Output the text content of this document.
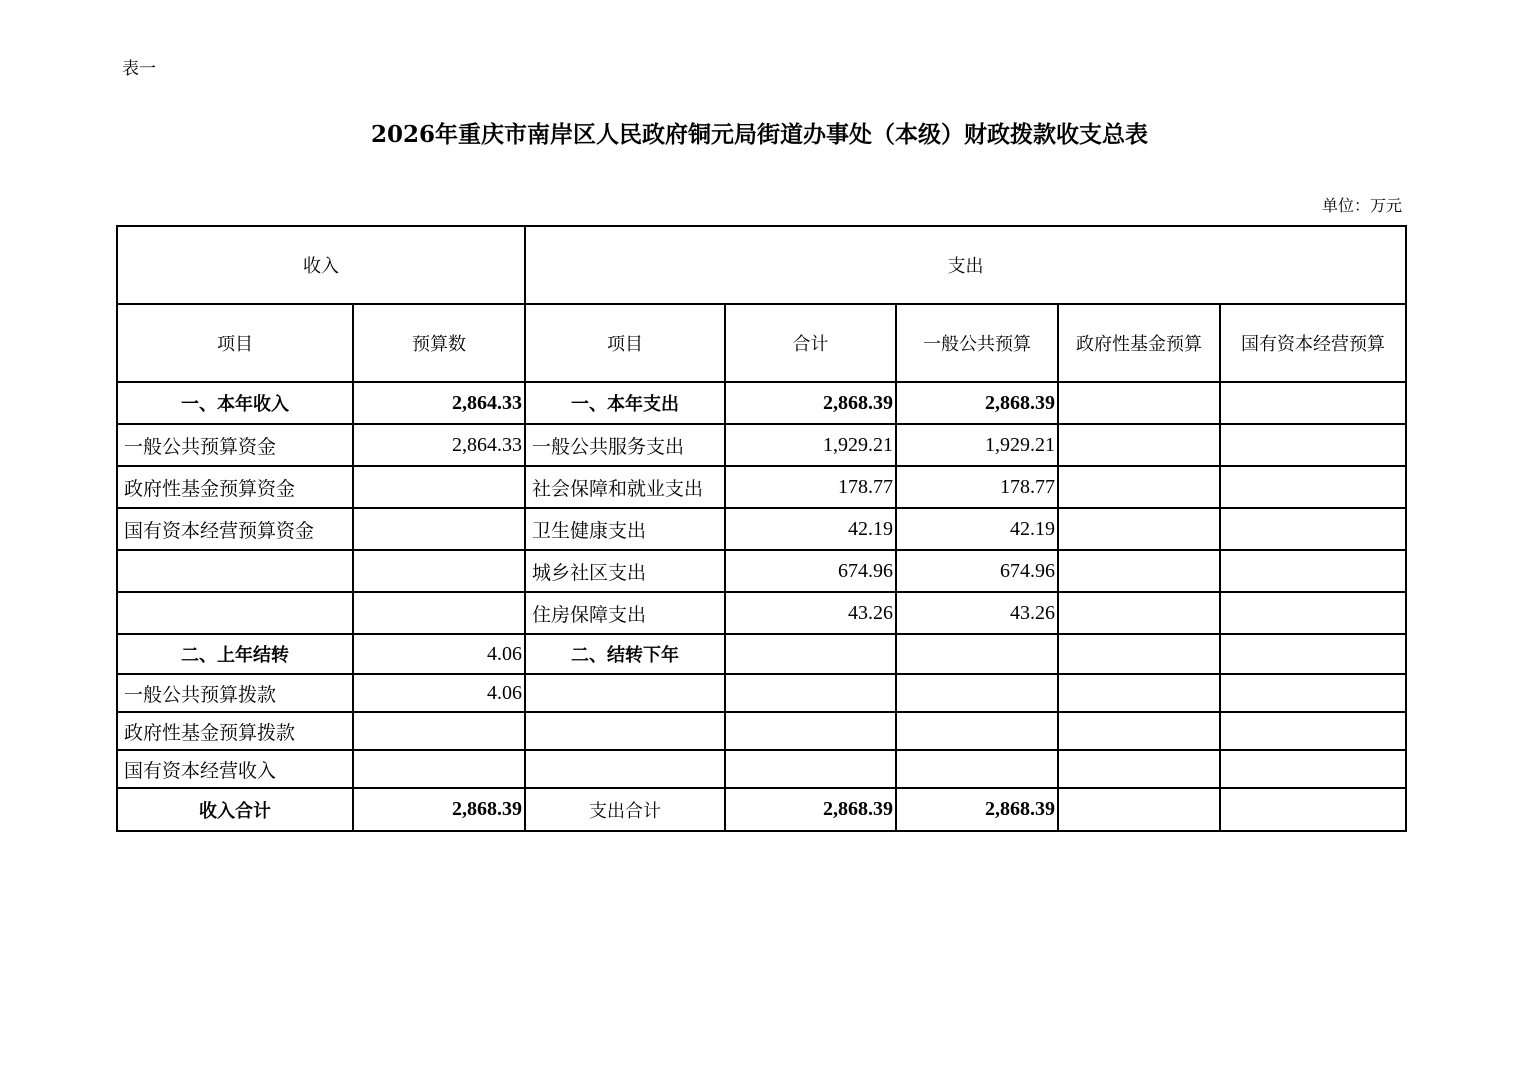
表一
2026年重庆市南岸区人民政府铜元局街道办事处（本级）财政拨款收支总表
单位：万元
收入		支出				
项目	预算数	项目	合计	一般公共预算	政府性基金预算	国有资本经营预算
一、本年收入	2,864.33	一、本年支出	2,868.39	2,868.39		
一般公共预算资金	2,864.33	一般公共服务支出	1,929.21	1,929.21		
政府性基金预算资金		社会保障和就业支出	178.77	178.77		
国有资本经营预算资金		卫生健康支出	42.19	42.19		
		城乡社区支出	674.96	674.96		
		住房保障支出	43.26	43.26		
二、上年结转	4.06	二、结转下年				
一般公共预算拨款	4.06					
政府性基金预算拨款						
国有资本经营收入						
收入合计	2,868.39	支出合计	2,868.39	2,868.39		
